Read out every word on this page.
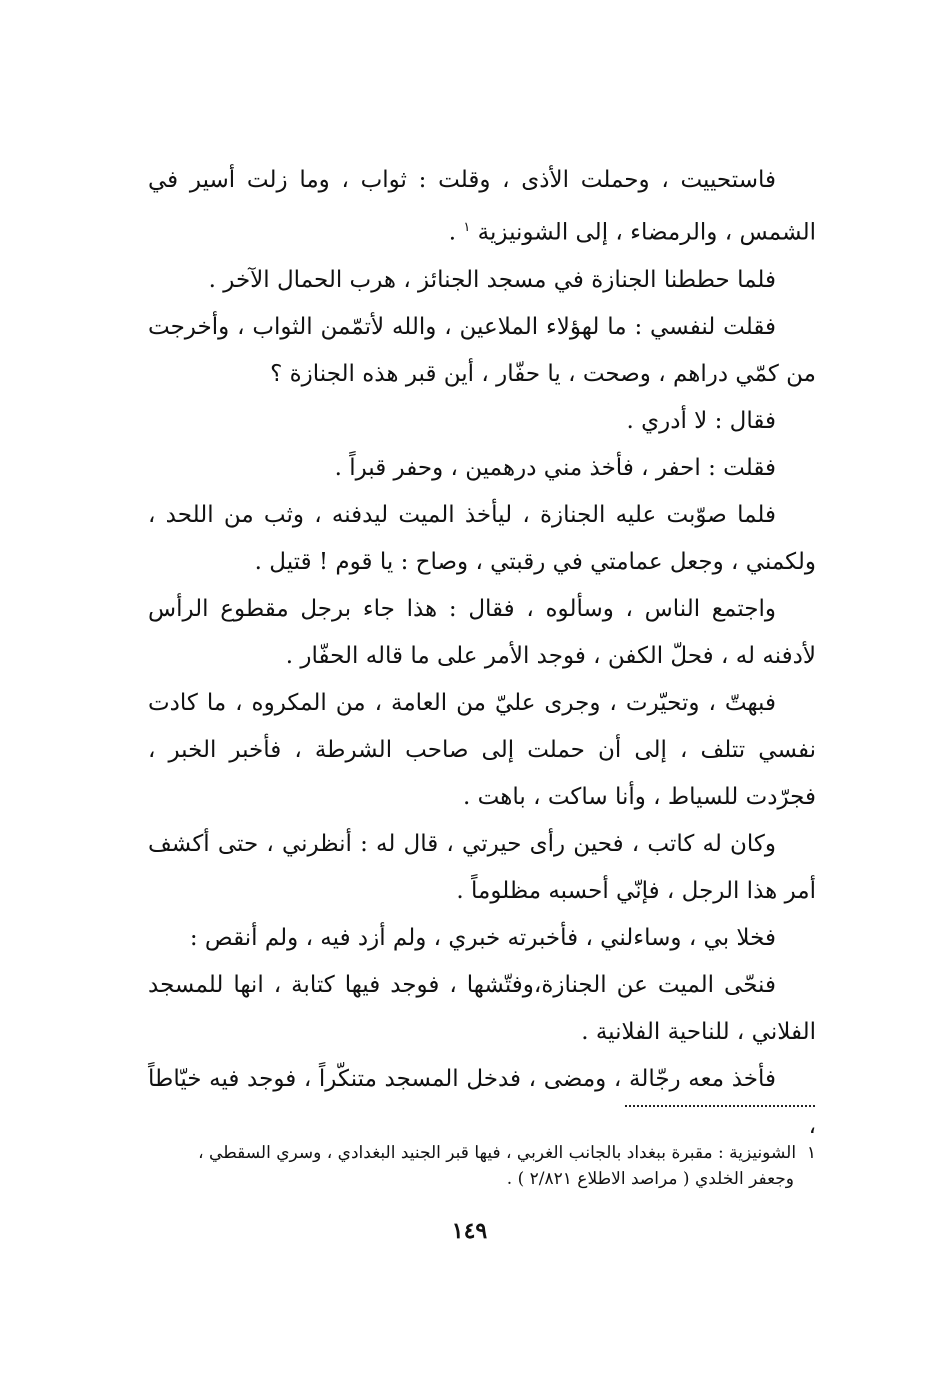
فاستحييت ، وحملت الأذى ، وقلت : ثواب ، وما زلت أسير في الشمس ، والرمضاء ، إلى الشونيزية $^١$ .

فلما حططنا الجنازة في مسجد الجنائز ، هرب الحمال الآخر .

فقلت لنفسي : ما لهؤلاء الملاعين ، والله لأتمّمن الثواب ، وأخرجت من كمّي دراهم ، وصحت ، يا حفّار ، أين قبر هذه الجنازة ؟

فقال : لا أدري .

فقلت : احفر ، فأخذ مني درهمين ، وحفر قبراً .

فلما صوّبت عليه الجنازة ، ليأخذ الميت ليدفنه ، وثب من اللحد ، ولكمني ، وجعل عمامتي في رقبتي ، وصاح : يا قوم ! قتيل .

واجتمع الناس ، وسألوه ، فقال : هذا جاء برجل مقطوع الرأس لأدفنه له ، فحلّ الكفن ، فوجد الأمر على ما قاله الحفّار .

فبهتّ ، وتحيّرت ، وجرى عليّ من العامة ، من المكروه ، ما كادت نفسي تتلف ، إلى أن حملت إلى صاحب الشرطة ، فأخبر الخبر ، فجرّدت للسياط ، وأنا ساكت ، باهت .

وكان له كاتب ، فحين رأى حيرتي ، قال له : أنظرني ، حتى أكشف أمر هذا الرجل ، فإنّي أحسبه مظلوماً .

فخلا بي ، وساءلني ، فأخبرته خبري ، ولم أزد فيه ، ولم أنقص :

فنحّى الميت عن الجنازة،وفتّشها ، فوجد فيها كتابة ، انها للمسجد الفلاني ، للناحية الفلانية .

فأخذ معه رجّالة ، ومضى ، فدخل المسجد متنكّراً ، فوجد فيه خيّاطاً ،

١  الشونيزية : مقبرة ببغداد بالجانب الغربي ، فيها قبر الجنيد البغدادي ، وسري السقطي ،

وجعفر الخلدي ( مراصد الاطلاع ٢/٨٢١ ) .

١٤٩
